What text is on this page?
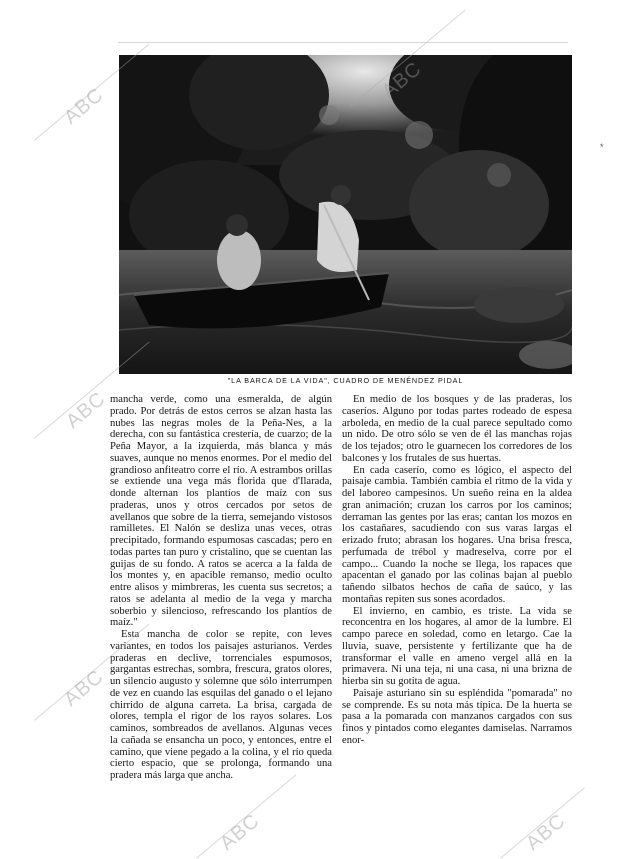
"LA BARCA DE LA VIDA", CUADRO DE MENÉNDEZ PIDAL

mancha verde, como una esmeralda, de algún prado. Por detrás de estos cerros se alzan hasta las nubes las negras moles de la Peña-Nes, a la derecha, con su fantástica crestería, de cuarzo; de la Peña Mayor, a la izquierda, más blanca y más suaves, aunque no menos enormes. Por el medio del grandioso anfiteatro corre el río. A estrambos orillas se extiende una vega más florida que d'Ilarada, donde alternan los plantíos de maíz con sus praderas, unos y otros cercados por setos de avellanos que sobre de la tierra, semejando vistosos ramilletes. El Nalón se desliza unas veces, otras precipitado, formando espumosas cascadas; pero en todas partes tan puro y cristalino, que se cuentan las guijas de su fondo. A ratos se acerca a la falda de los montes y, en apacible remanso, medio oculto entre alisos y mimbreras, les cuenta sus secretos; a ratos se adelanta al medio de la vega y marcha soberbio y silencioso, refrescando los plantíos de maíz."

Esta mancha de color se repite, con leves variantes, en todos los paisajes asturianos. Verdes praderas en declive, torrenciales espumosos, gargantas estrechas, sombra, frescura, gratos olores, un silencio augusto y solemne que sólo interrumpen de vez en cuando las esquilas del ganado o el lejano chirrido de alguna carreta. La brisa, cargada de olores, templa el rigor de los rayos solares. Los caminos, sombreados de avellanos. Algunas veces la cañada se ensancha un poco, y entonces, entre el camino, que viene pegado a la colina, y el río queda cierto espacio, que se prolonga, formando una pradera más larga que ancha.

En medio de los bosques y de las praderas, los caseríos. Alguno por todas partes rodeado de espesa arboleda, en medio de la cual parece sepultado como un nido. De otro sólo se ven de él las manchas rojas de los tejados; otro le guarnecen los corredores de los balcones y los frutales de sus huertas.

En cada caserío, como es lógico, el aspecto del paisaje cambia. También cambia el ritmo de la vida y del laboreo campesinos. Un sueño reina en la aldea gran animación; cruzan los carros por los caminos; derraman las gentes por las eras; cantan los mozos en los castañares, sacudiendo con sus varas largas el erizado fruto; abrasan los hogares. Una brisa fresca, perfumada de trébol y madreselva, corre por el campo... Cuando la noche se llega, los rapaces que apacentan el ganado por las colinas bajan al pueblo tañendo silbatos hechos de caña de saúco, y las montañas repiten sus sones acordados.

El invierno, en cambio, es triste. La vida se reconcentra en los hogares, al amor de la lumbre. El campo parece en soledad, como en letargo. Cae la lluvia, suave, persistente y fertilizante que ha de transformar el valle en ameno vergel allá en la primavera. Ni una teja, ni una casa, ni una brizna de hierba sin su gotita de agua.

Paisaje asturiano sin su espléndida "pomarada" no se comprende. Es su nota más típica. De la huerta se pasa a la pomarada con manzanos cargados con sus finos y pintados como elegantes damiselas. Narramos enor-

*
ABC
ABC
ABC
ABC
ABC	ABC
